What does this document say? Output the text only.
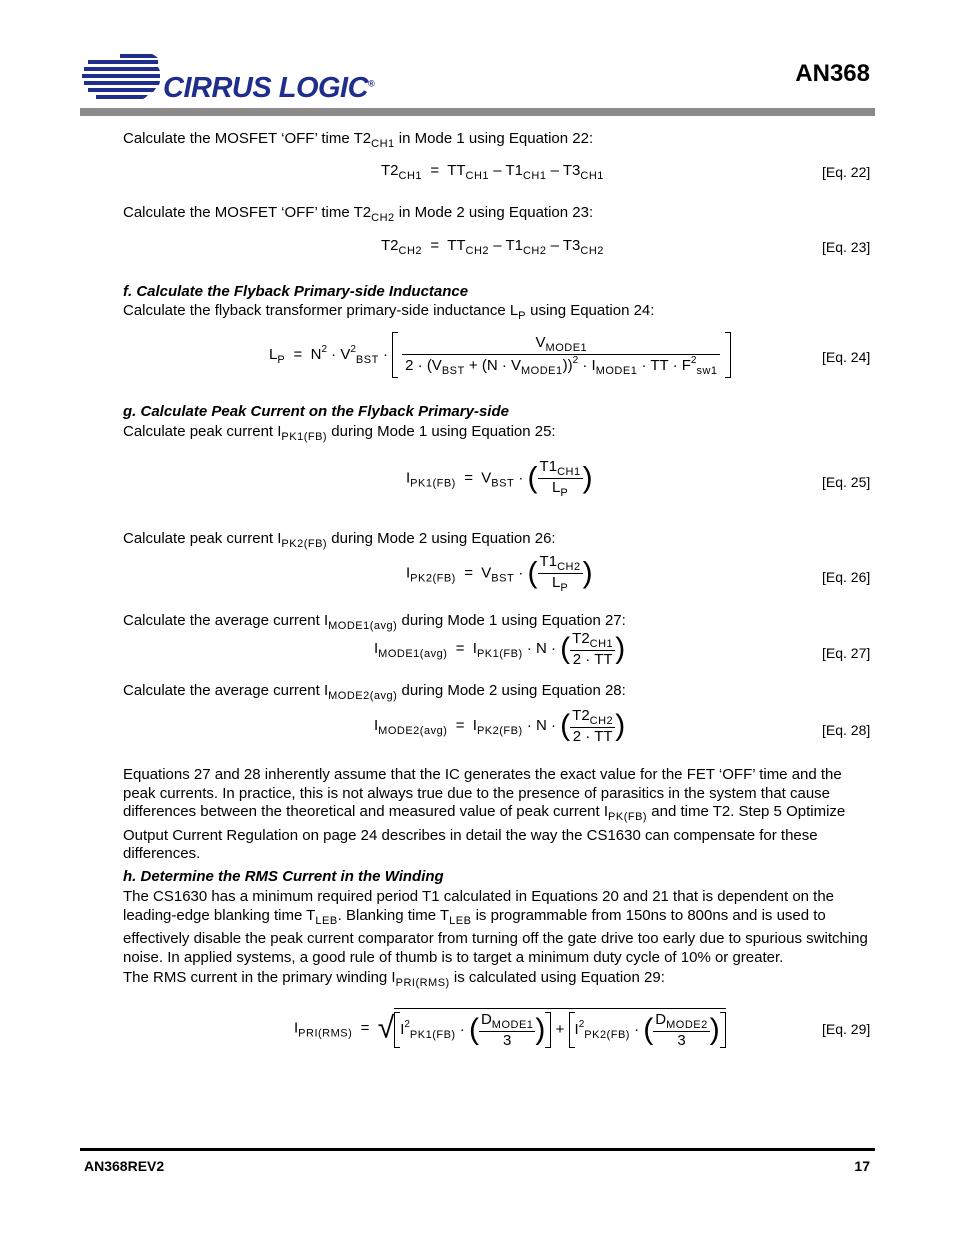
CIRRUS LOGIC®	AN368
Calculate the MOSFET ‘OFF’ time $T2_{CH1}$ in Mode 1 using Equation 22:
$T2_{CH1} = TT_{CH1} - T1_{CH1} - T3_{CH1}$	[Eq. 22]
Calculate the MOSFET ‘OFF’ time $T2_{CH2}$ in Mode 2 using Equation 23:
$T2_{CH2} = TT_{CH2} - T1_{CH2} - T3_{CH2}$	[Eq. 23]
f. Calculate the Flyback Primary-side Inductance
Calculate the flyback transformer primary-side inductance $L_P$ using Equation 24:
$L_P = N^2 \cdot V^2_{BST} \cdot \frac{V_{MODE1}}{2 \cdot (V_{BST} + (N \cdot V_{MODE1}))^2 \cdot I_{MODE1} \cdot TT \cdot F^2_{sw1}}$
	[Eq. 24]
g. Calculate Peak Current on the Flyback Primary-side
Calculate peak current $I_{PK1(FB)}$ during Mode 1 using Equation 25:
$I_{PK1(FB)} = V_{BST}$ · ( $\frac{T1_{CH1}}{L_P}$ )	[Eq. 25]
Calculate peak current $I_{PK2(FB)}$ during Mode 2 using Equation 26:
$I_{PK2(FB)} = V_{BST}$ · ( $\frac{T1_{CH2}}{L_P}$ )	[Eq. 26]
Calculate the average current $I_{MODE1(avg)}$ during Mode 1 using Equation 27:
$I_{MODE1(avg)} = I_{PK1(FB)} \cdot N$ · ( $\frac{T2_{CH1}}{2 \cdot TT}$ )	[Eq. 27]
Calculate the average current $I_{MODE2(avg)}$ during Mode 2 using Equation 28:
$I_{MODE2(avg)} = I_{PK2(FB)} \cdot N$ · ( $\frac{T2_{CH2}}{2 \cdot TT}$ )	[Eq. 28]
Equations 27 and 28 inherently assume that the IC generates the exact value for the FET ‘OFF’ time and the peak currents. In practice, this is not always true due to the presence of parasitics in the system that cause differences between the theoretical and measured value of peak current $I_{PK(FB)}$ and time T2. Step 5 Optimize Output Current Regulation on page 24 describes in detail the way the CS1630 can compensate for these differences.
h. Determine the RMS Current in the Winding
The CS1630 has a minimum required period T1 calculated in Equations 20 and 21 that is dependent on the leading-edge blanking time $T_{LEB}$. Blanking time $T_{LEB}$ is programmable from 150ns to 800ns and is used to effectively disable the peak current comparator from turning off the gate drive too early due to spurious switching noise. In applied systems, a good rule of thumb is to target a minimum duty cycle of 10% or greater.
The RMS current in the primary winding $I_{PRI(RMS)}$ is calculated using Equation 29:
$I_{PRI(RMS)}$  =  √ $I^2_{PK1(FB)}$ · ( $\frac{D_{MODE1}}{3}$ ) + $I^2_{PK2(FB)}$ · ( $\frac{D_{MODE2}}{3}$ )	[Eq. 29]
AN368REV2	17
